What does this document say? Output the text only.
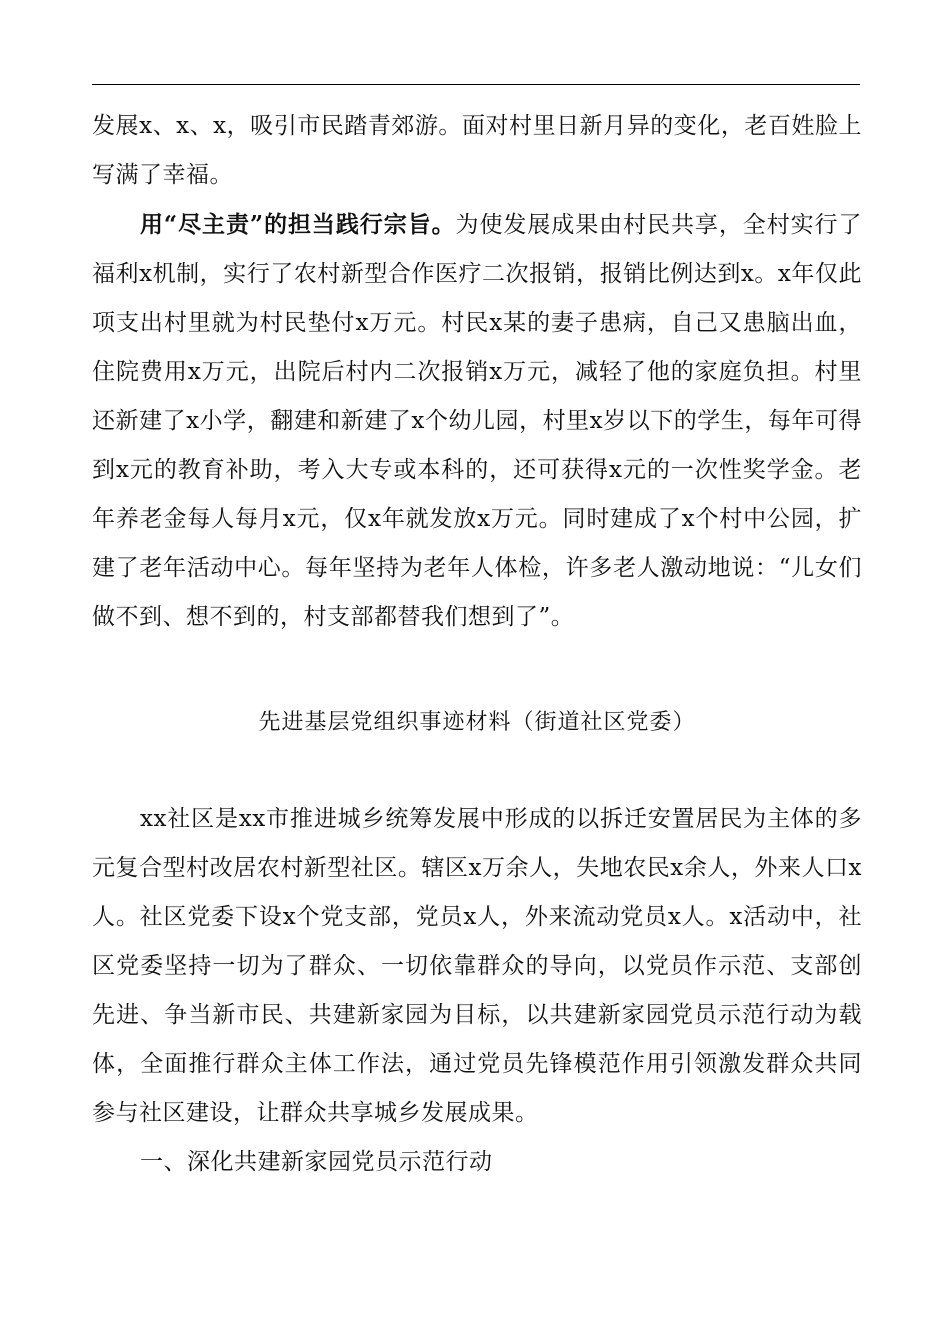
发展x、x、x，吸引市民踏青郊游。面对村里日新月异的变化，老百姓脸上写满了幸福。

用“尽主责”的担当践行宗旨。为使发展成果由村民共享，全村实行了福利x机制，实行了农村新型合作医疗二次报销，报销比例达到x。x年仅此项支出村里就为村民垫付x万元。村民x某的妻子患病，自己又患脑出血，住院费用x万元，出院后村内二次报销x万元，减轻了他的家庭负担。村里还新建了x小学，翻建和新建了x个幼儿园，村里x岁以下的学生，每年可得到x元的教育补助，考入大专或本科的，还可获得x元的一次性奖学金。老年养老金每人每月x元，仅x年就发放x万元。同时建成了x个村中公园，扩建了老年活动中心。每年坚持为老年人体检，许多老人激动地说：“儿女们做不到、想不到的，村支部都替我们想到了”。

先进基层党组织事迹材料（街道社区党委）

xx社区是xx市推进城乡统筹发展中形成的以拆迁安置居民为主体的多元复合型村改居农村新型社区。辖区x万余人，失地农民x余人，外来人口x人。社区党委下设x个党支部，党员x人，外来流动党员x人。x活动中，社区党委坚持一切为了群众、一切依靠群众的导向，以党员作示范、支部创先进、争当新市民、共建新家园为目标，以共建新家园党员示范行动为载体，全面推行群众主体工作法，通过党员先锋模范作用引领激发群众共同参与社区建设，让群众共享城乡发展成果。

一、深化共建新家园党员示范行动
